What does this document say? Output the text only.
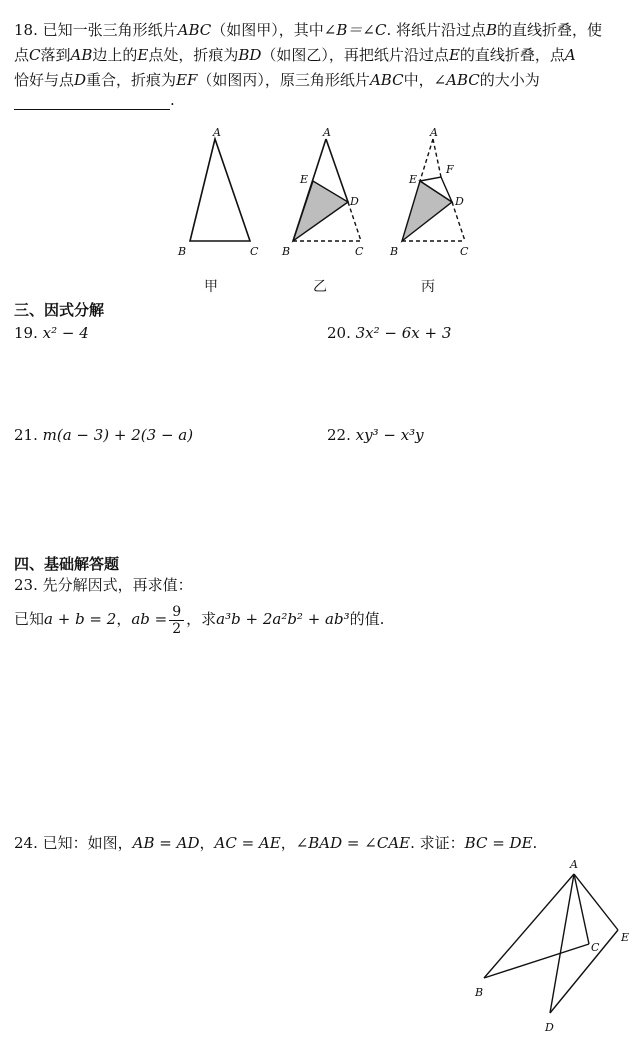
18. 已知一张三角形纸片ABC（如图甲），其中∠B＝∠C. 将纸片沿过点B的直线折叠，使
点C落到AB边上的E点处，折痕为BD（如图乙），再把纸片沿过点E的直线折叠，点A
恰好与点D重合，折痕为EF（如图丙），原三角形纸片ABC中，∠ABC的大小为
.
A
B	C
A
E
D
B	C
A
F
E
D
B	C
甲	乙	丙
三、因式分解
19. x² − 4	20. 3x² − 6x + 3
21. m(a − 3) + 2(3 − a)	22. xy³ − x³y
四、基础解答题
23. 先分解因式，再求值：
已知a + b = 2，ab = $\frac{9}{2}$ ，求a³b + 2a²b² + ab³的值.
24. 已知：如图，AB = AD，AC = AE，∠BAD = ∠CAE. 求证：BC = DE.
A
C
E
B
D
